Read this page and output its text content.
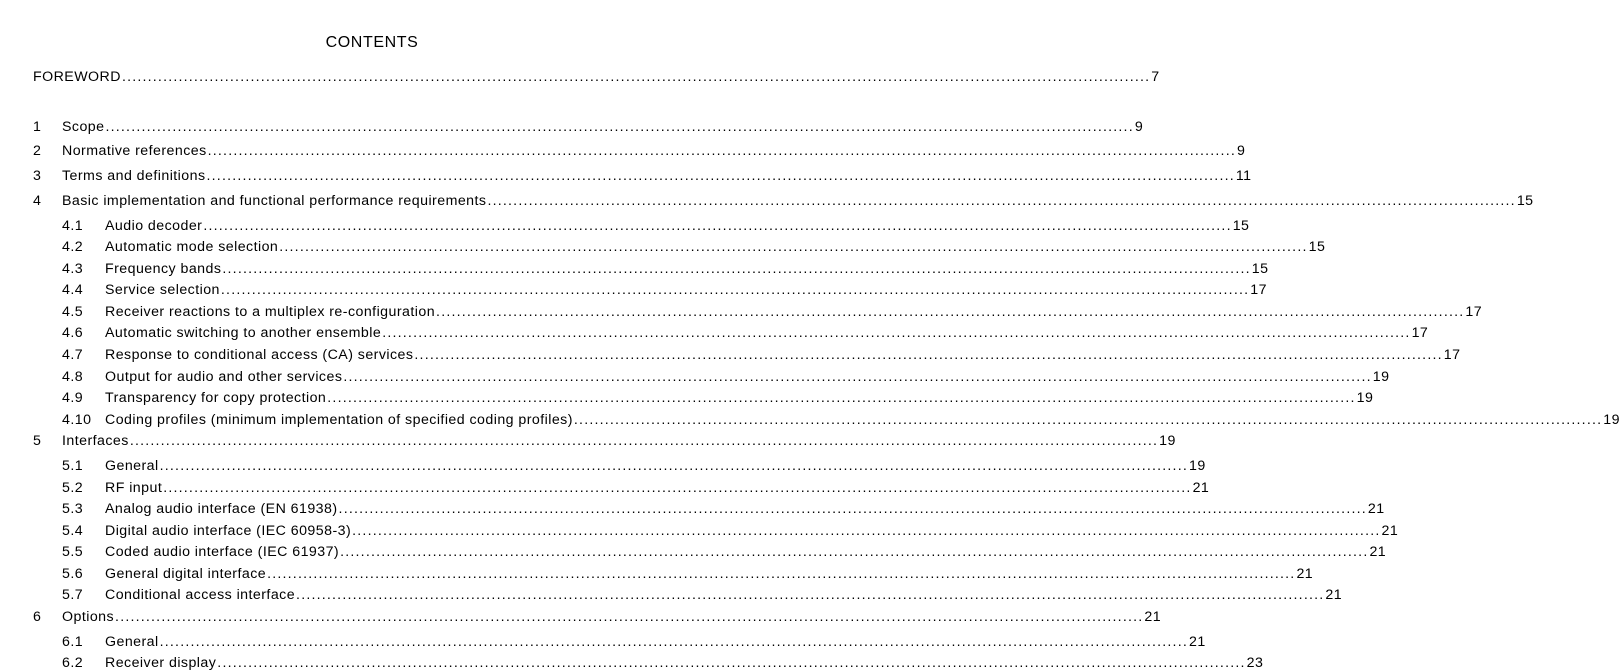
CONTENTS
FOREWORD ........................................................................................................................................................................................................ 7
1	Scope ........................................................................................................................................................................................................ 9
2	Normative references ........................................................................................................................................................................................................ 9
3	Terms and definitions ........................................................................................................................................................................................................ 11
4	Basic implementation and functional performance requirements ........................................................................................................................................................................................................ 15
4.1	Audio decoder ........................................................................................................................................................................................................ 15
4.2	Automatic mode selection ........................................................................................................................................................................................................ 15
4.3	Frequency bands ........................................................................................................................................................................................................ 15
4.4	Service selection ........................................................................................................................................................................................................ 17
4.5	Receiver reactions to a multiplex re-configuration ........................................................................................................................................................................................................ 17
4.6	Automatic switching to another ensemble ........................................................................................................................................................................................................ 17
4.7	Response to conditional access (CA) services ........................................................................................................................................................................................................ 17
4.8	Output for audio and other services ........................................................................................................................................................................................................ 19
4.9	Transparency for copy protection ........................................................................................................................................................................................................ 19
4.10 Coding profiles (minimum implementation of specified coding profiles) ........................................................................................................................................................................................................ 19
5	Interfaces ........................................................................................................................................................................................................ 19
5.1	General ........................................................................................................................................................................................................ 19
5.2	RF input ........................................................................................................................................................................................................ 21
5.3	Analog audio interface (EN 61938) ........................................................................................................................................................................................................ 21
5.4	Digital audio interface (IEC 60958-3) ........................................................................................................................................................................................................ 21
5.5	Coded audio interface (IEC 61937) ........................................................................................................................................................................................................ 21
5.6	General digital interface ........................................................................................................................................................................................................ 21
5.7	Conditional access interface ........................................................................................................................................................................................................ 21
6	Options ........................................................................................................................................................................................................ 21
6.1	General ........................................................................................................................................................................................................ 21
6.2	Receiver display ........................................................................................................................................................................................................ 23
